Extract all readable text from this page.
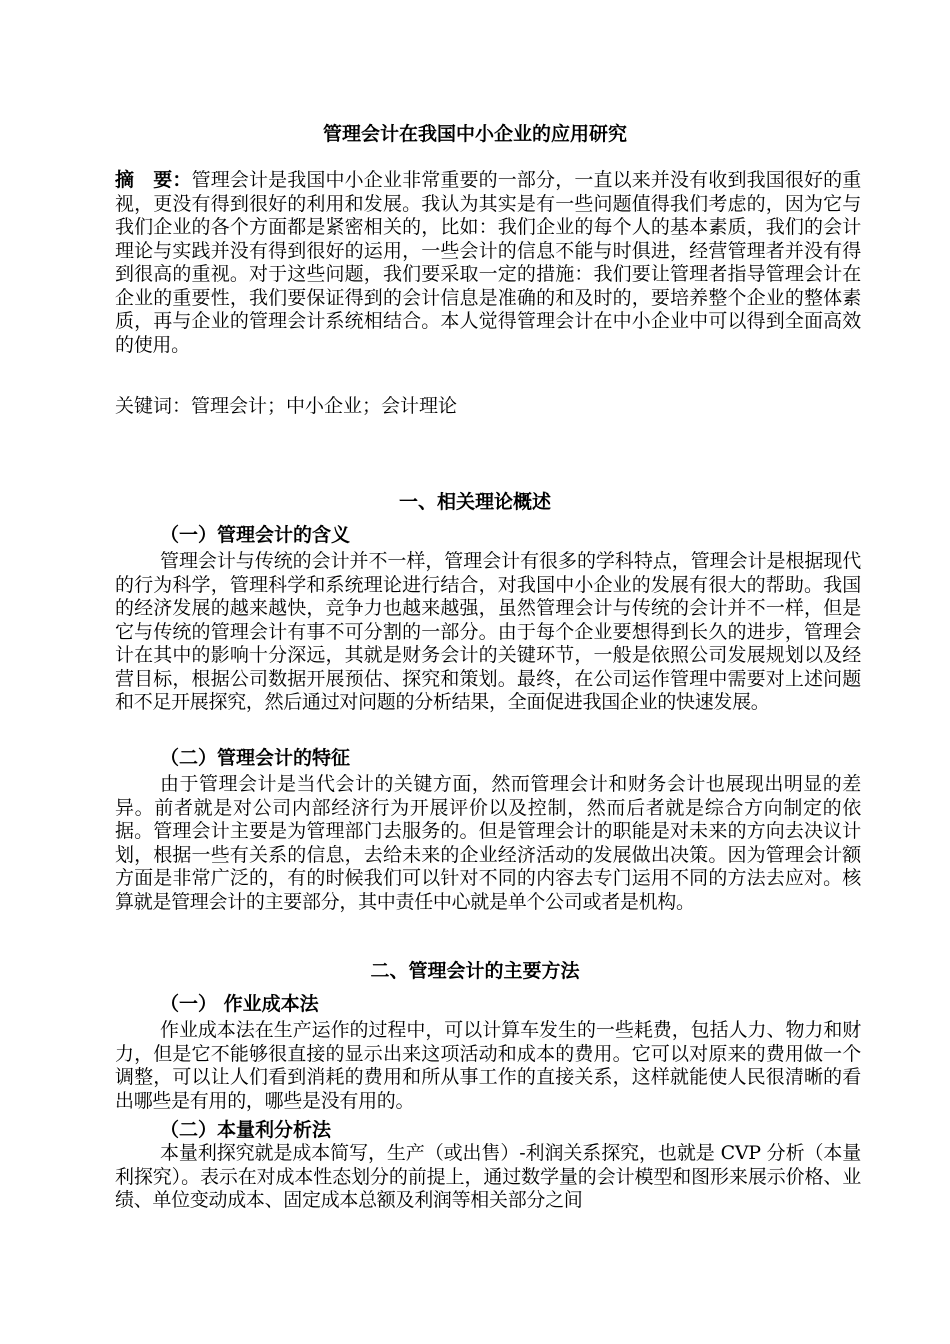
管理会计在我国中小企业的应用研究
摘　要：管理会计是我国中小企业非常重要的一部分，一直以来并没有收到我国很好的重视，更没有得到很好的利用和发展。我认为其实是有一些问题值得我们考虑的，因为它与我们企业的各个方面都是紧密相关的，比如：我们企业的每个人的基本素质，我们的会计理论与实践并没有得到很好的运用，一些会计的信息不能与时俱进，经营管理者并没有得到很高的重视。对于这些问题，我们要采取一定的措施：我们要让管理者指导管理会计在企业的重要性，我们要保证得到的会计信息是准确的和及时的，要培养整个企业的整体素质，再与企业的管理会计系统相结合。本人觉得管理会计在中小企业中可以得到全面高效的使用。
关键词：管理会计；中小企业；会计理论
一、相关理论概述
（一）管理会计的含义

管理会计与传统的会计并不一样，管理会计有很多的学科特点，管理会计是根据现代的行为科学，管理科学和系统理论进行结合，对我国中小企业的发展有很大的帮助。我国的经济发展的越来越快，竞争力也越来越强，虽然管理会计与传统的会计并不一样，但是它与传统的管理会计有事不可分割的一部分。由于每个企业要想得到长久的进步，管理会计在其中的影响十分深远，其就是财务会计的关键环节，一般是依照公司发展规划以及经营目标，根据公司数据开展预估、探究和策划。最终，在公司运作管理中需要对上述问题和不足开展探究，然后通过对问题的分析结果，全面促进我国企业的快速发展。

（二）管理会计的特征

由于管理会计是当代会计的关键方面，然而管理会计和财务会计也展现出明显的差异。前者就是对公司内部经济行为开展评价以及控制，然而后者就是综合方向制定的依据。管理会计主要是为管理部门去服务的。但是管理会计的职能是对未来的方向去决议计划，根据一些有关系的信息，去给未来的企业经济活动的发展做出决策。因为管理会计额方面是非常广泛的，有的时候我们可以针对不同的内容去专门运用不同的方法去应对。核算就是管理会计的主要部分，其中责任中心就是单个公司或者是机构。

二、管理会计的主要方法
（一） 作业成本法

作业成本法在生产运作的过程中，可以计算车发生的一些耗费，包括人力、物力和财力，但是它不能够很直接的显示出来这项活动和成本的费用。它可以对原来的费用做一个调整，可以让人们看到消耗的费用和所从事工作的直接关系，这样就能使人民很清晰的看出哪些是有用的，哪些是没有用的。

（二）本量利分析法

本量利探究就是成本简写，生产（或出售）-利润关系探究，也就是 CVP 分析（本量利探究）。表示在对成本性态划分的前提上，通过数学量的会计模型和图形来展示价格、业绩、单位变动成本、固定成本总额及利润等相关部分之间
